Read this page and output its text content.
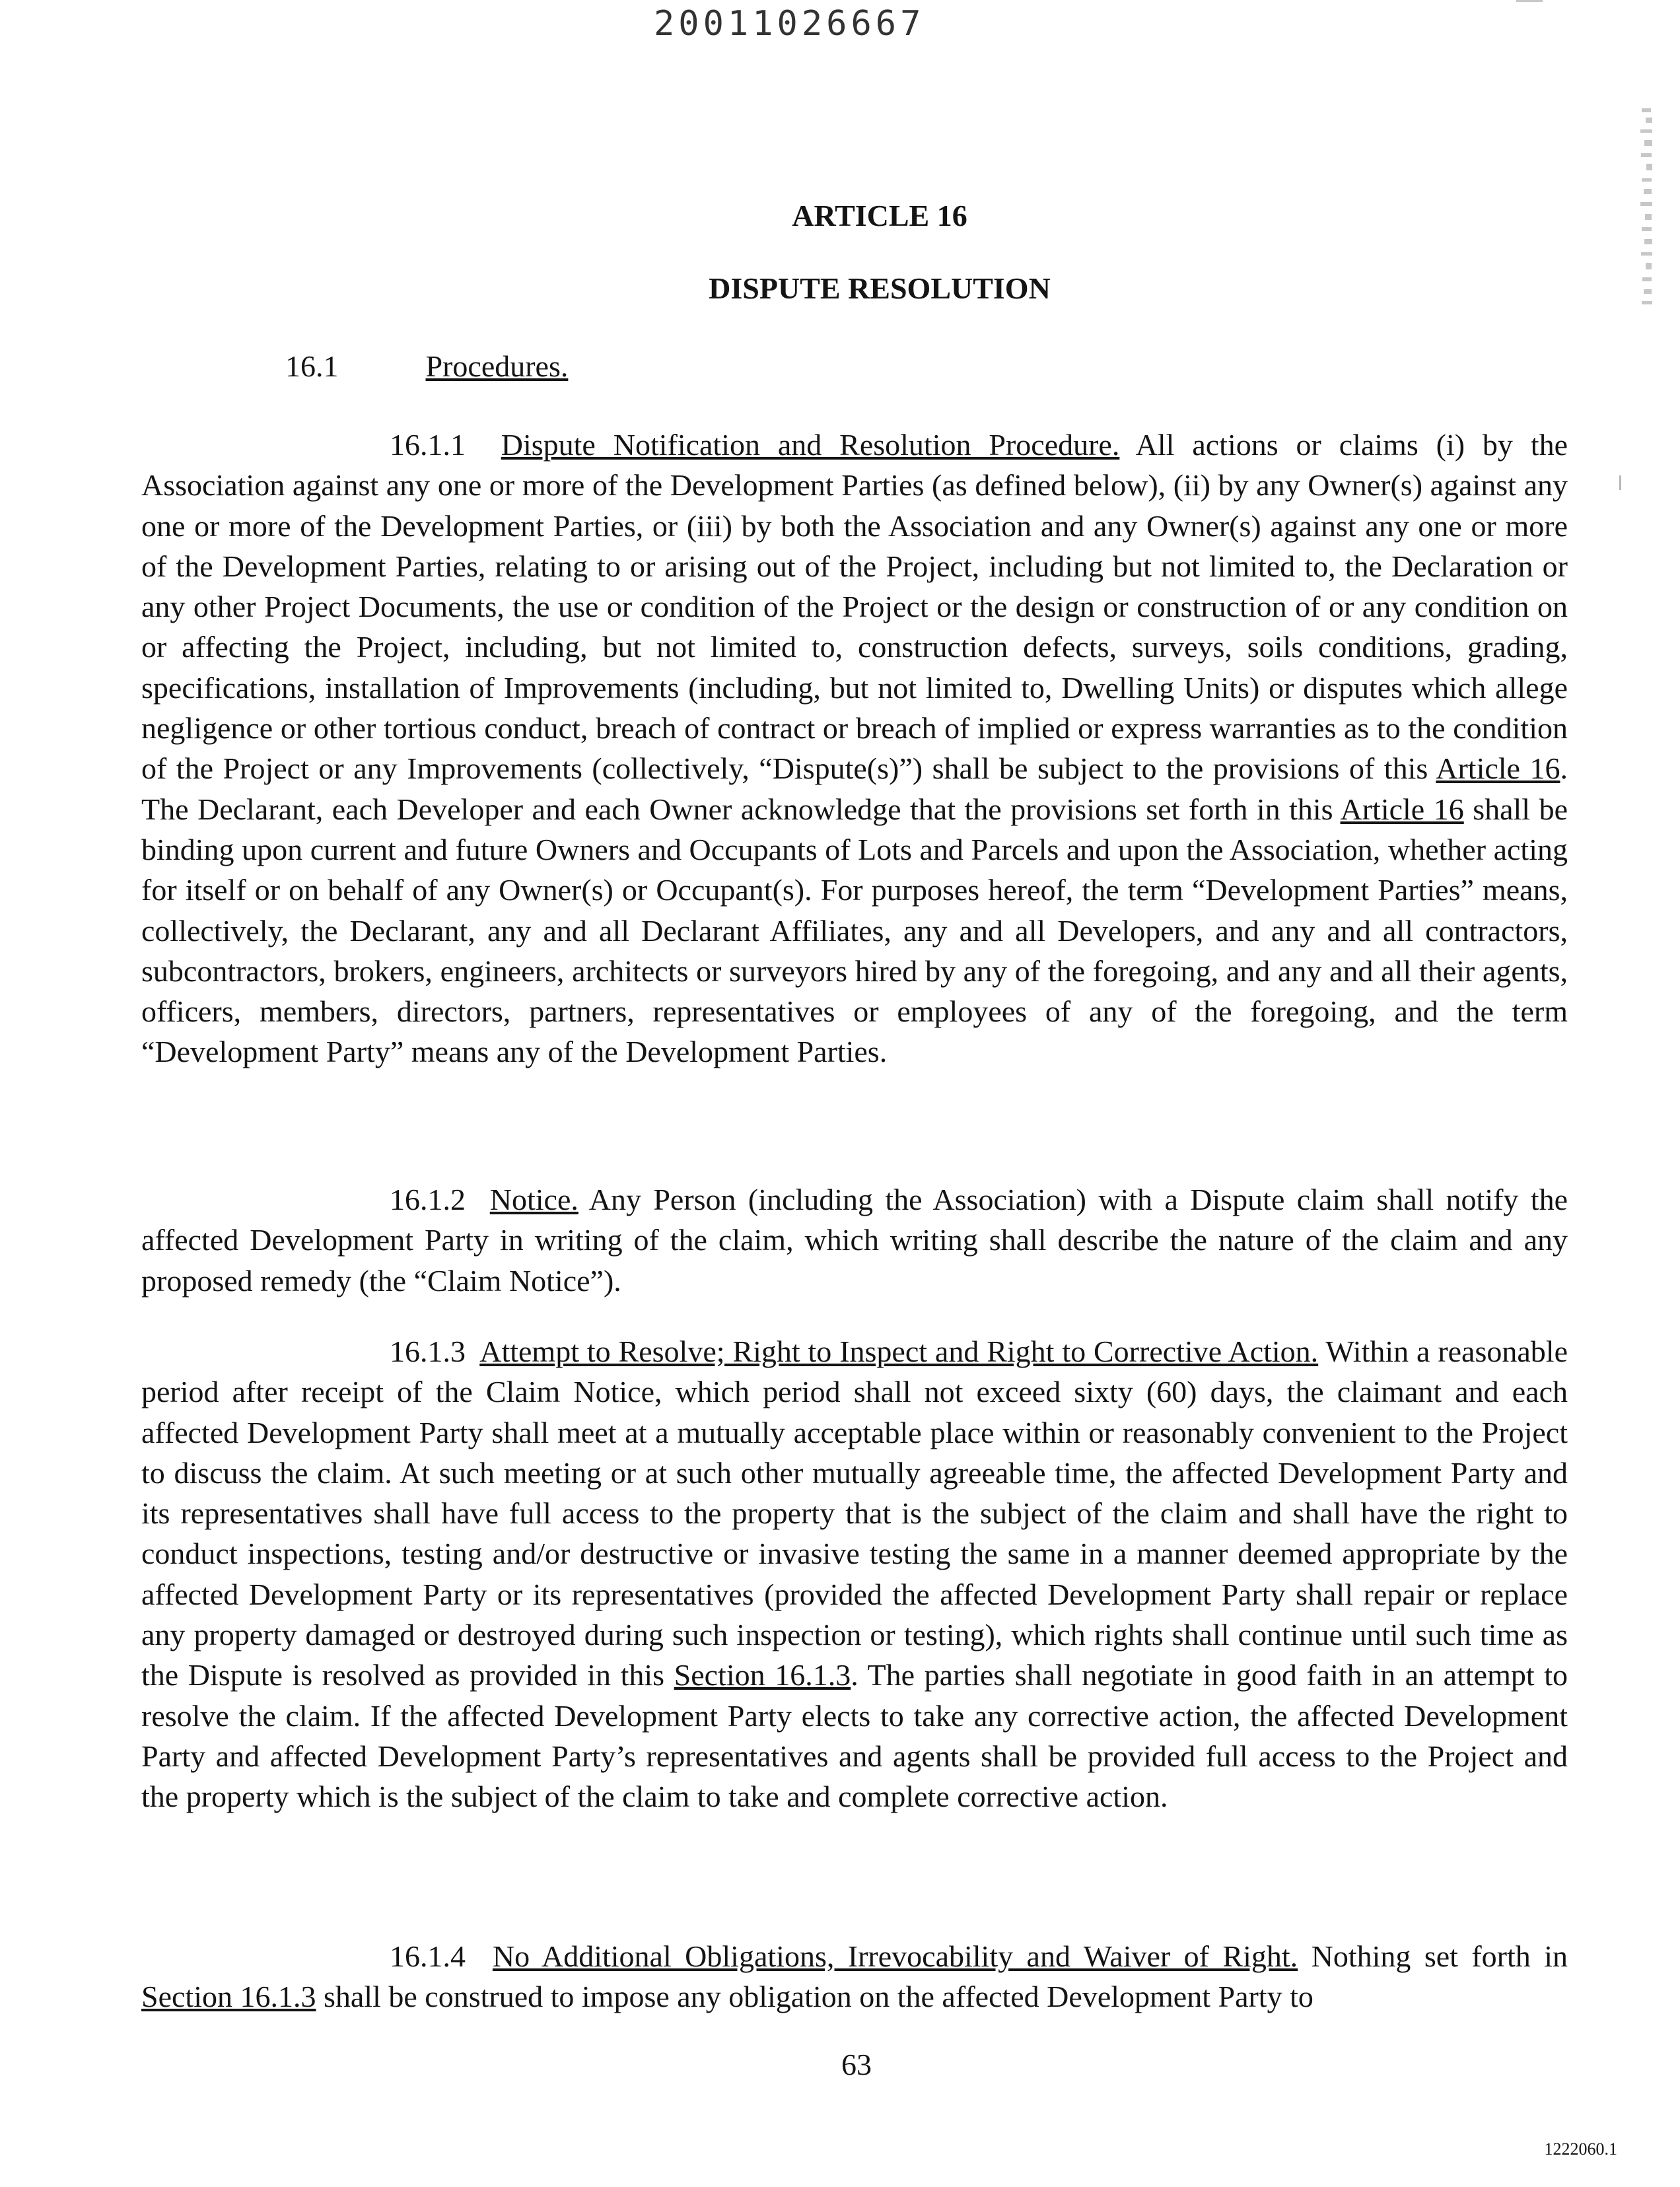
20011026667
ARTICLE 16
DISPUTE RESOLUTION
16.1	Procedures.

16.1.1 Dispute Notification and Resolution Procedure. All actions or claims (i) by the Association against any one or more of the Development Parties (as defined below), (ii) by any Owner(s) against any one or more of the Development Parties, or (iii) by both the Association and any Owner(s) against any one or more of the Development Parties, relating to or arising out of the Project, including but not limited to, the Declaration or any other Project Documents, the use or condition of the Project or the design or construction of or any condition on or affecting the Project, including, but not limited to, construction defects, surveys, soils conditions, grading, specifications, installation of Improvements (including, but not limited to, Dwelling Units) or disputes which allege negligence or other tortious conduct, breach of contract or breach of implied or express warranties as to the condition of the Project or any Improvements (collectively, “Dispute(s)”) shall be subject to the provisions of this Article 16. The Declarant, each Developer and each Owner acknowledge that the provisions set forth in this Article 16 shall be binding upon current and future Owners and Occupants of Lots and Parcels and upon the Association, whether acting for itself or on behalf of any Owner(s) or Occupant(s). For purposes hereof, the term “Development Parties” means, collectively, the Declarant, any and all Declarant Affiliates, any and all Developers, and any and all contractors, subcontractors, brokers, engineers, architects or surveyors hired by any of the foregoing, and any and all their agents, officers, members, directors, partners, representatives or employees of any of the foregoing, and the term “Development Party” means any of the Development Parties.

16.1.2 Notice. Any Person (including the Association) with a Dispute claim shall notify the affected Development Party in writing of the claim, which writing shall describe the nature of the claim and any proposed remedy (the “Claim Notice”).

16.1.3 Attempt to Resolve; Right to Inspect and Right to Corrective Action. Within a reasonable period after receipt of the Claim Notice, which period shall not exceed sixty (60) days, the claimant and each affected Development Party shall meet at a mutually acceptable place within or reasonably convenient to the Project to discuss the claim. At such meeting or at such other mutually agreeable time, the affected Development Party and its representatives shall have full access to the property that is the subject of the claim and shall have the right to conduct inspections, testing and/or destructive or invasive testing the same in a manner deemed appropriate by the affected Development Party or its representatives (provided the affected Development Party shall repair or replace any property damaged or destroyed during such inspection or testing), which rights shall continue until such time as the Dispute is resolved as provided in this Section 16.1.3. The parties shall negotiate in good faith in an attempt to resolve the claim. If the affected Development Party elects to take any corrective action, the affected Development Party and affected Development Party’s representatives and agents shall be provided full access to the Project and the property which is the subject of the claim to take and complete corrective action.

16.1.4 No Additional Obligations, Irrevocability and Waiver of Right. Nothing set forth in Section 16.1.3 shall be construed to impose any obligation on the affected Development Party to

63
1222060.1
